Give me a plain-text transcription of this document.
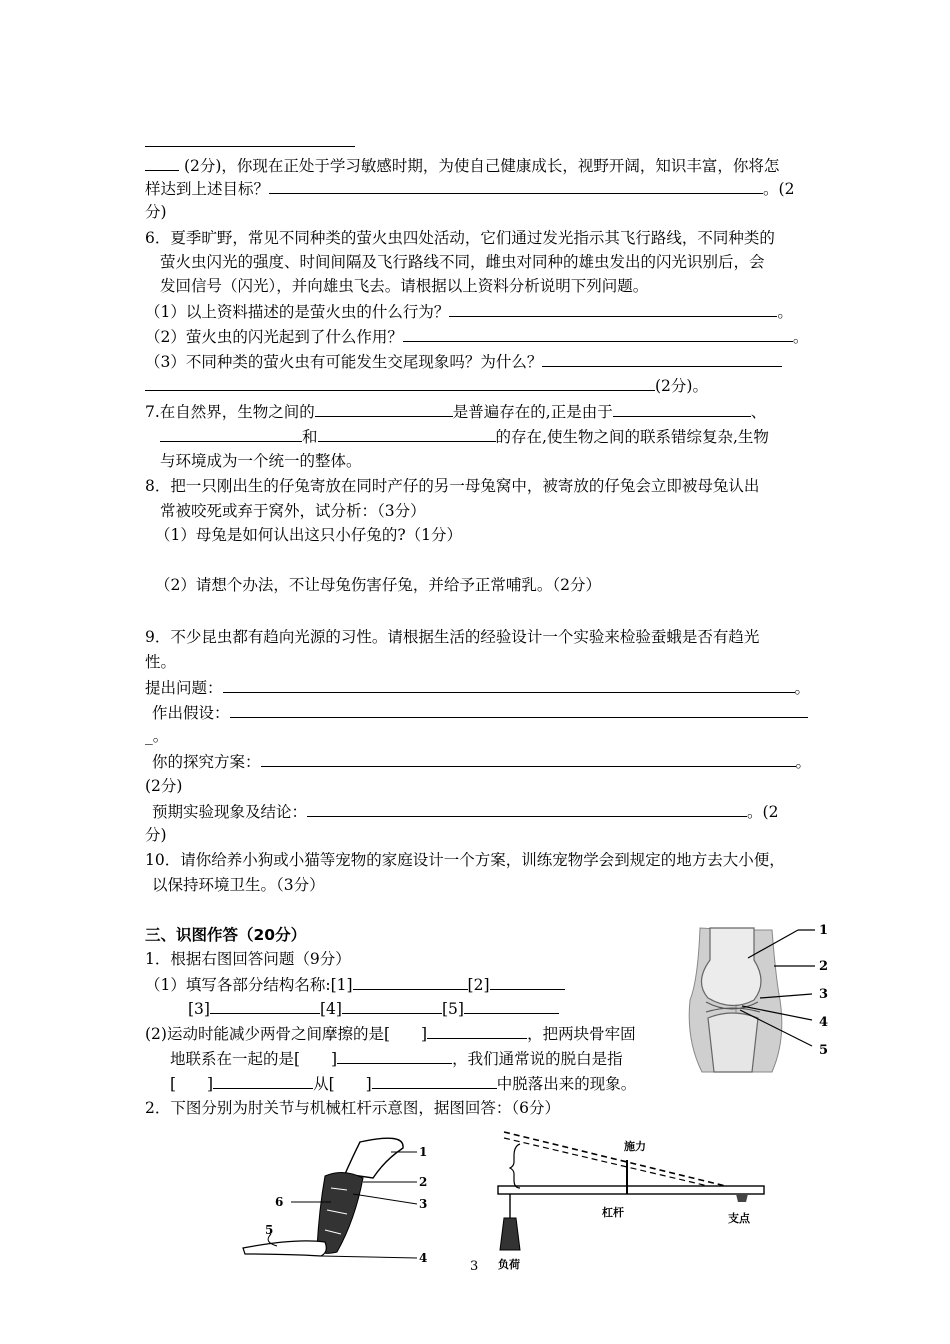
(2分)，你现在正处于学习敏感时期，为使自己健康成长，视野开阔，知识丰富，你将怎
样达到上述目标？	。(2
分)
6．夏季旷野，常见不同种类的萤火虫四处活动，它们通过发光指示其飞行路线，不同种类的
萤火虫闪光的强度、时间间隔及飞行路线不同，雌虫对同种的雄虫发出的闪光识别后，会
发回信号（闪光），并向雄虫飞去。请根据以上资料分析说明下列问题。
（1）以上资料描述的是萤火虫的什么行为？	。
（2）萤火虫的闪光起到了什么作用？	。
（3）不同种类的萤火虫有可能发生交尾现象吗？为什么？
(2分)。
7.在自然界，生物之间的	是普遍存在的,正是由于	、
和	的存在,使生物之间的联系错综复杂,生物
与环境成为一个统一的整体。
8．把一只刚出生的仔兔寄放在同时产仔的另一母兔窝中，被寄放的仔兔会立即被母兔认出
常被咬死或弃于窝外，试分析：（3分）
（1）母兔是如何认出这只小仔兔的?（1分）
（2）请想个办法，不让母兔伤害仔兔，并给予正常哺乳。（2分）
9．不少昆虫都有趋向光源的习性。请根据生活的经验设计一个实验来检验蚕蛾是否有趋光
性。
提出问题：	。
作出假设：
_。
你的探究方案：	。
(2分)
预期实验现象及结论：	。(2
分)
10．请你给养小狗或小猫等宠物的家庭设计一个方案，训练宠物学会到规定的地方去大小便，
以保持环境卫生。（3分）
三、识图作答（20分）
1．根据右图回答问题（9分）
（1）填写各部分结构名称:[1]	[2]
[3]	[4]	[5]
(2)运动时能减少两骨之间摩擦的是[　　]	，把两块骨牢固
地联系在一起的是[　　]	，我们通常说的脱白是指
[　　]	从[　　]	中脱落出来的现象。
2．下图分别为肘关节与机械杠杆示意图，据图回答：（6分）
1
2
3
4
5
1
2
3
4
5
6
施力
杠杆	支点
负荷
3
